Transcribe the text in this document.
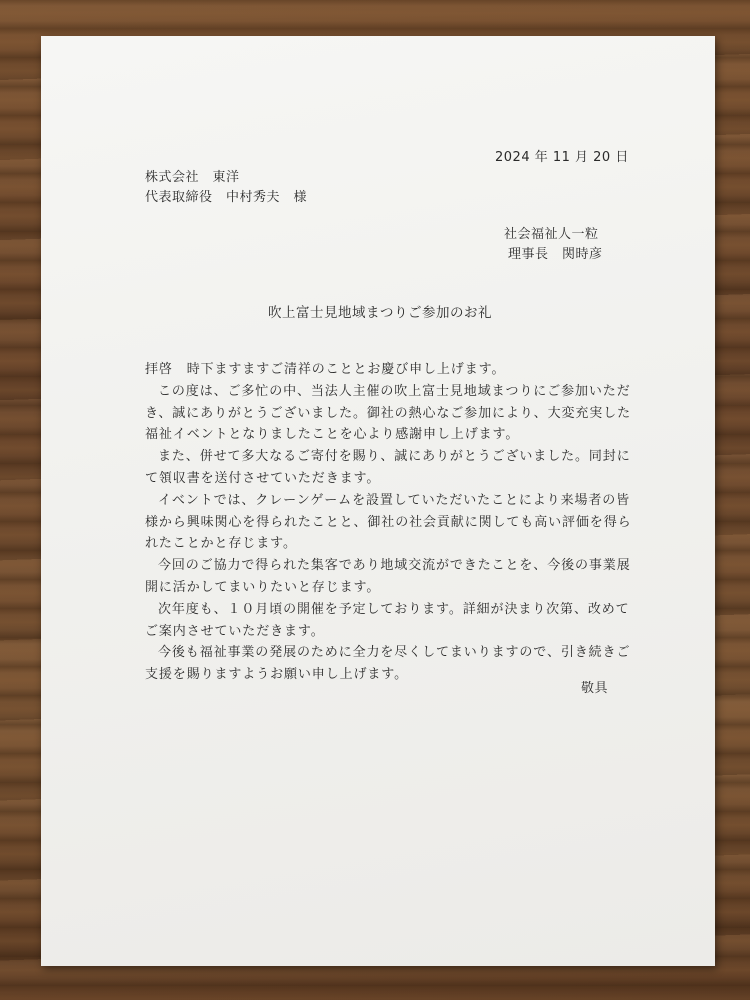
2024 年 11 月 20 日
株式会社　東洋
代表取締役　中村秀夫　様
社会福祉人一粒
理事長　関時彦
吹上富士見地域まつりご参加のお礼

拝啓　時下ますますご清祥のこととお慶び申し上げます。

この度は、ご多忙の中、当法人主催の吹上富士見地域まつりにご参加いただ

き、誠にありがとうございました。御社の熱心なご参加により、大変充実した

福祉イベントとなりましたことを心より感謝申し上げます。

また、併せて多大なるご寄付を賜り、誠にありがとうございました。同封に

て領収書を送付させていただきます。

イベントでは、クレーンゲームを設置していただいたことにより来場者の皆

様から興味関心を得られたことと、御社の社会貢献に関しても高い評価を得ら

れたことかと存じます。

今回のご協力で得られた集客であり地域交流ができたことを、今後の事業展

開に活かしてまいりたいと存じます。

次年度も、１０月頃の開催を予定しております。詳細が決まり次第、改めて

ご案内させていただきます。

今後も福祉事業の発展のために全力を尽くしてまいりますので、引き続きご

支援を賜りますようお願い申し上げます。

敬具
